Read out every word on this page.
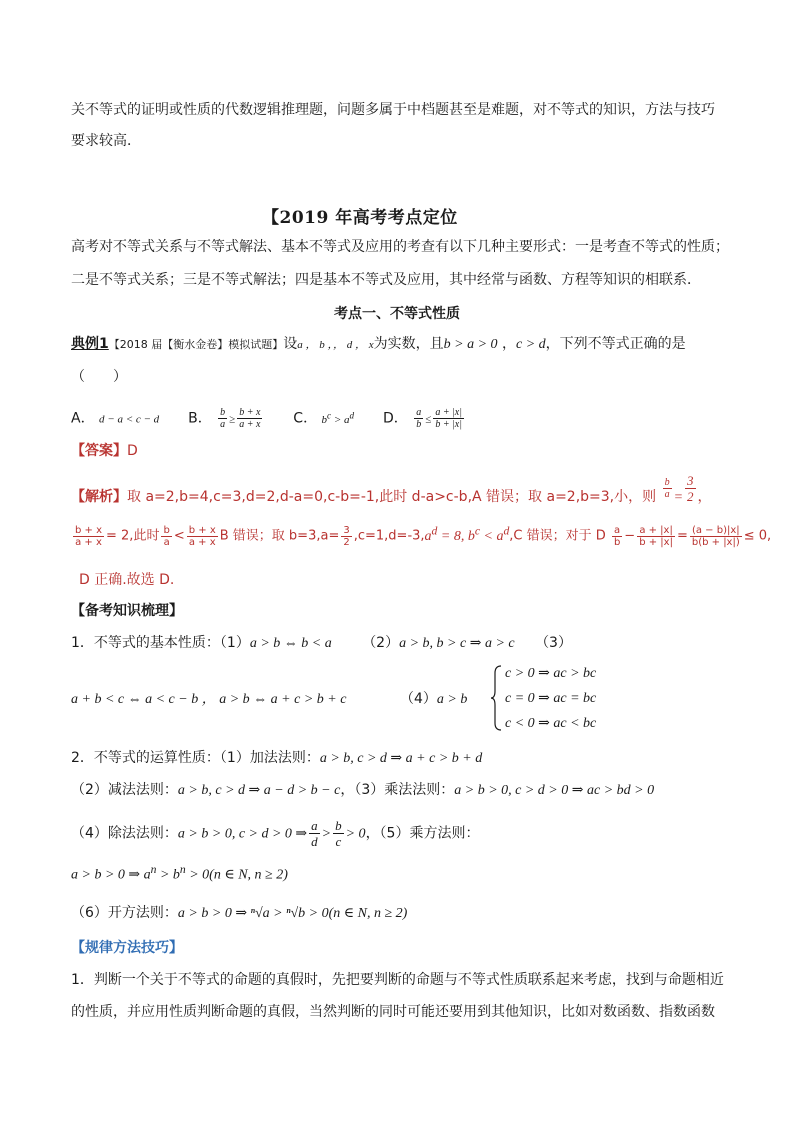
关不等式的证明或性质的代数逻辑推理题，问题多属于中档题甚至是难题，对不等式的知识，方法与技巧
要求较高．
【2019 年高考考点定位
高考对不等式关系与不等式解法、基本不等式及应用的考查有以下几种主要形式：一是考查不等式的性质；
二是不等式关系；三是不等式解法；四是基本不等式及应用，其中经常与函数、方程等知识的相联系．
考点一、不等式性质
典例1【2018 届【衡水金卷】模拟试题】设a ， b ，， d ， x为实数，且b > a > 0 ，c > d，下列不等式正确的是
（　　）
A． d − a < c − d B． $\frac{b}{a} \ge \frac{b + x}{a + x}$ C． $b^c > a^d$ D． $\frac{a}{b} \le \frac{a + |x|}{b + |x|}$
【答案】D
【解析】取 a=2,b=4,c=3,d=2,d-a=0,c-b=-1,此时 d-a>c-b,A 错误；取 a=2,b=3,小，则 $\frac{b}{a} = \frac{3}{2}$ ，
$\frac{b + x}{a + x} = 2$,此时 $\frac{b}{a} < \frac{b + x}{a + x}$ B 错误；取 $b=3,a= \frac{3}{2} ,c=1,d=-3,a^d = 8$, $b^c < a^d,C$ 错误；对于 D $\frac{a}{b} - \frac{a + |x|}{b + |x|} = \frac{(a - b)|x|}{b(b + |x|)} \le 0$,
D 正确.故选 D.
【备考知识梳理】
1．不等式的基本性质：（1）a > b ⇔ b < a （2）a > b, b > c ⇒ a > c （3）
a + b < c ⇔ a < c − b ， a > b ⇔ a + c > b + c	（4）a > b
c > 0 ⇒ ac > bc
c = 0 ⇒ ac = bc
c < 0 ⇒ ac < bc
2．不等式的运算性质：（1）加法法则：a > b, c > d ⇒ a + c > b + d
（2）减法法则：a > b, c > d ⇒ a − d > b − c，（3）乘法法则：a > b > 0, c > d > 0 ⇒ ac > bd > 0
（4）除法法则：a > b > 0, c > d > 0 ⇒ $\frac{a}{d} > \frac{b}{c} > 0$，（5）乘方法则：
a > b > 0 ⇒ $a^n > b^n > 0(n$ ∈ N, n ≥ 2)
（6）开方法则：a > b > 0 ⇒ ⁿ√a > ⁿ√b > 0(n ∈ N, n ≥ 2)
【规律方法技巧】
1．判断一个关于不等式的命题的真假时，先把要判断的命题与不等式性质联系起来考虑，找到与命题相近
的性质，并应用性质判断命题的真假，当然判断的同时可能还要用到其他知识，比如对数函数、指数函数
